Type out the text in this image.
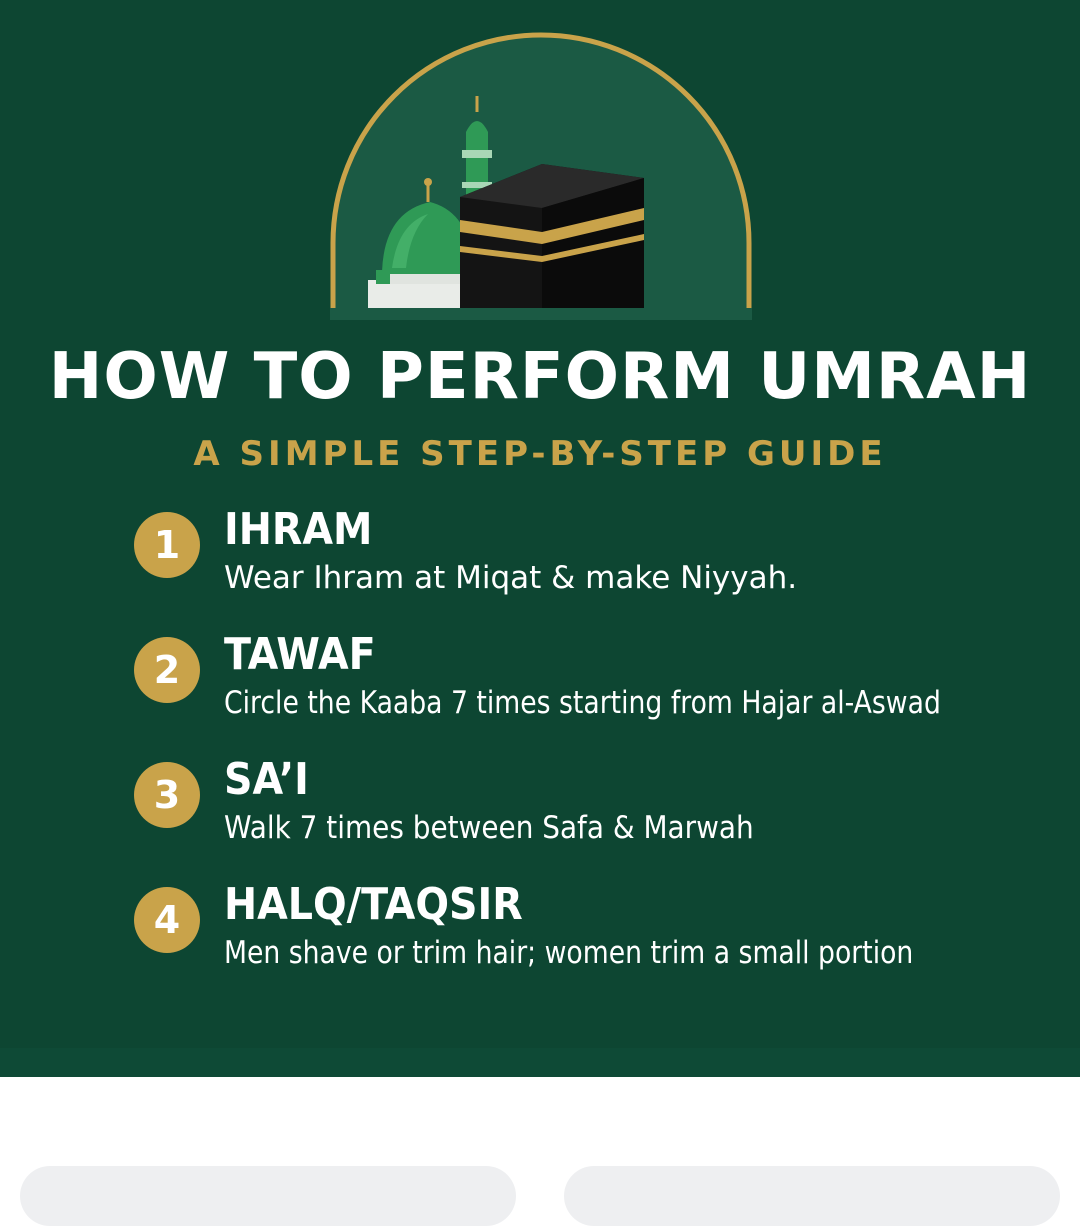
HOW TO PERFORM UMRAH
A SIMPLE STEP-BY-STEP GUIDE
1 IHRAM
Wear Ihram at Miqat & make Niyyah.
2 TAWAF
Circle the Kaaba 7 times starting from Hajar al-Aswad
3 SA’I
Walk 7 times between Safa & Marwah
4 HALQ/TAQSIR
Men shave or trim hair; women trim a small portion
